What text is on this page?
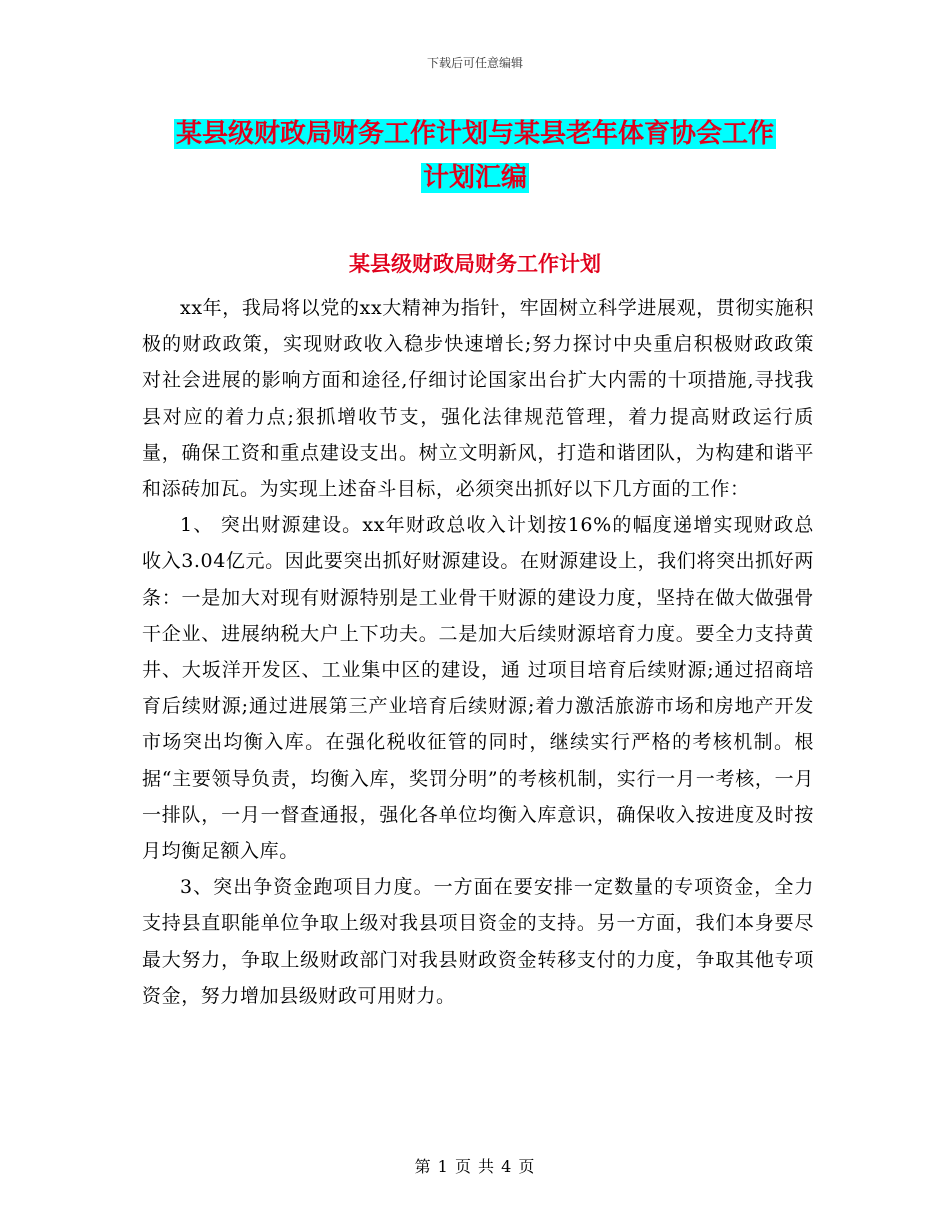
下载后可任意编辑
某县级财政局财务工作计划与某县老年体育协会工作
计划汇编
某县级财政局财务工作计划

xx年，我局将以党的xx大精神为指针，牢固树立科学进展观，贯彻实施积极的财政政策，实现财政收入稳步快速增长;努力探讨中央重启积极财政政策对社会进展的影响方面和途径,仔细讨论国家出台扩大内需的十项措施,寻找我县对应的着力点;狠抓增收节支，强化法律规范管理，着力提高财政运行质量，确保工资和重点建设支出。树立文明新风，打造和谐团队，为构建和谐平和添砖加瓦。为实现上述奋斗目标，必须突出抓好以下几方面的工作：

1、 突出财源建设。xx年财政总收入计划按16%的幅度递增实现财政总收入3.04亿元。因此要突出抓好财源建设。在财源建设上，我们将突出抓好两条：一是加大对现有财源特别是工业骨干财源的建设力度，坚持在做大做强骨干企业、进展纳税大户上下功夫。二是加大后续财源培育力度。要全力支持黄井、大坂洋开发区、工业集中区的建设，通 过项目培育后续财源;通过招商培育后续财源;通过进展第三产业培育后续财源;着力激活旅游市场和房地产开发市场突出均衡入库。在强化税收征管的同时，继续实行严格的考核机制。根据“主要领导负责，均衡入库，奖罚分明”的考核机制，实行一月一考核，一月一排队，一月一督查通报，强化各单位均衡入库意识，确保收入按进度及时按月均衡足额入库。

3、突出争资金跑项目力度。一方面在要安排一定数量的专项资金，全力支持县直职能单位争取上级对我县项目资金的支持。另一方面，我们本身要尽最大努力，争取上级财政部门对我县财政资金转移支付的力度，争取其他专项资金，努力增加县级财政可用财力。

第 1 页 共 4 页
